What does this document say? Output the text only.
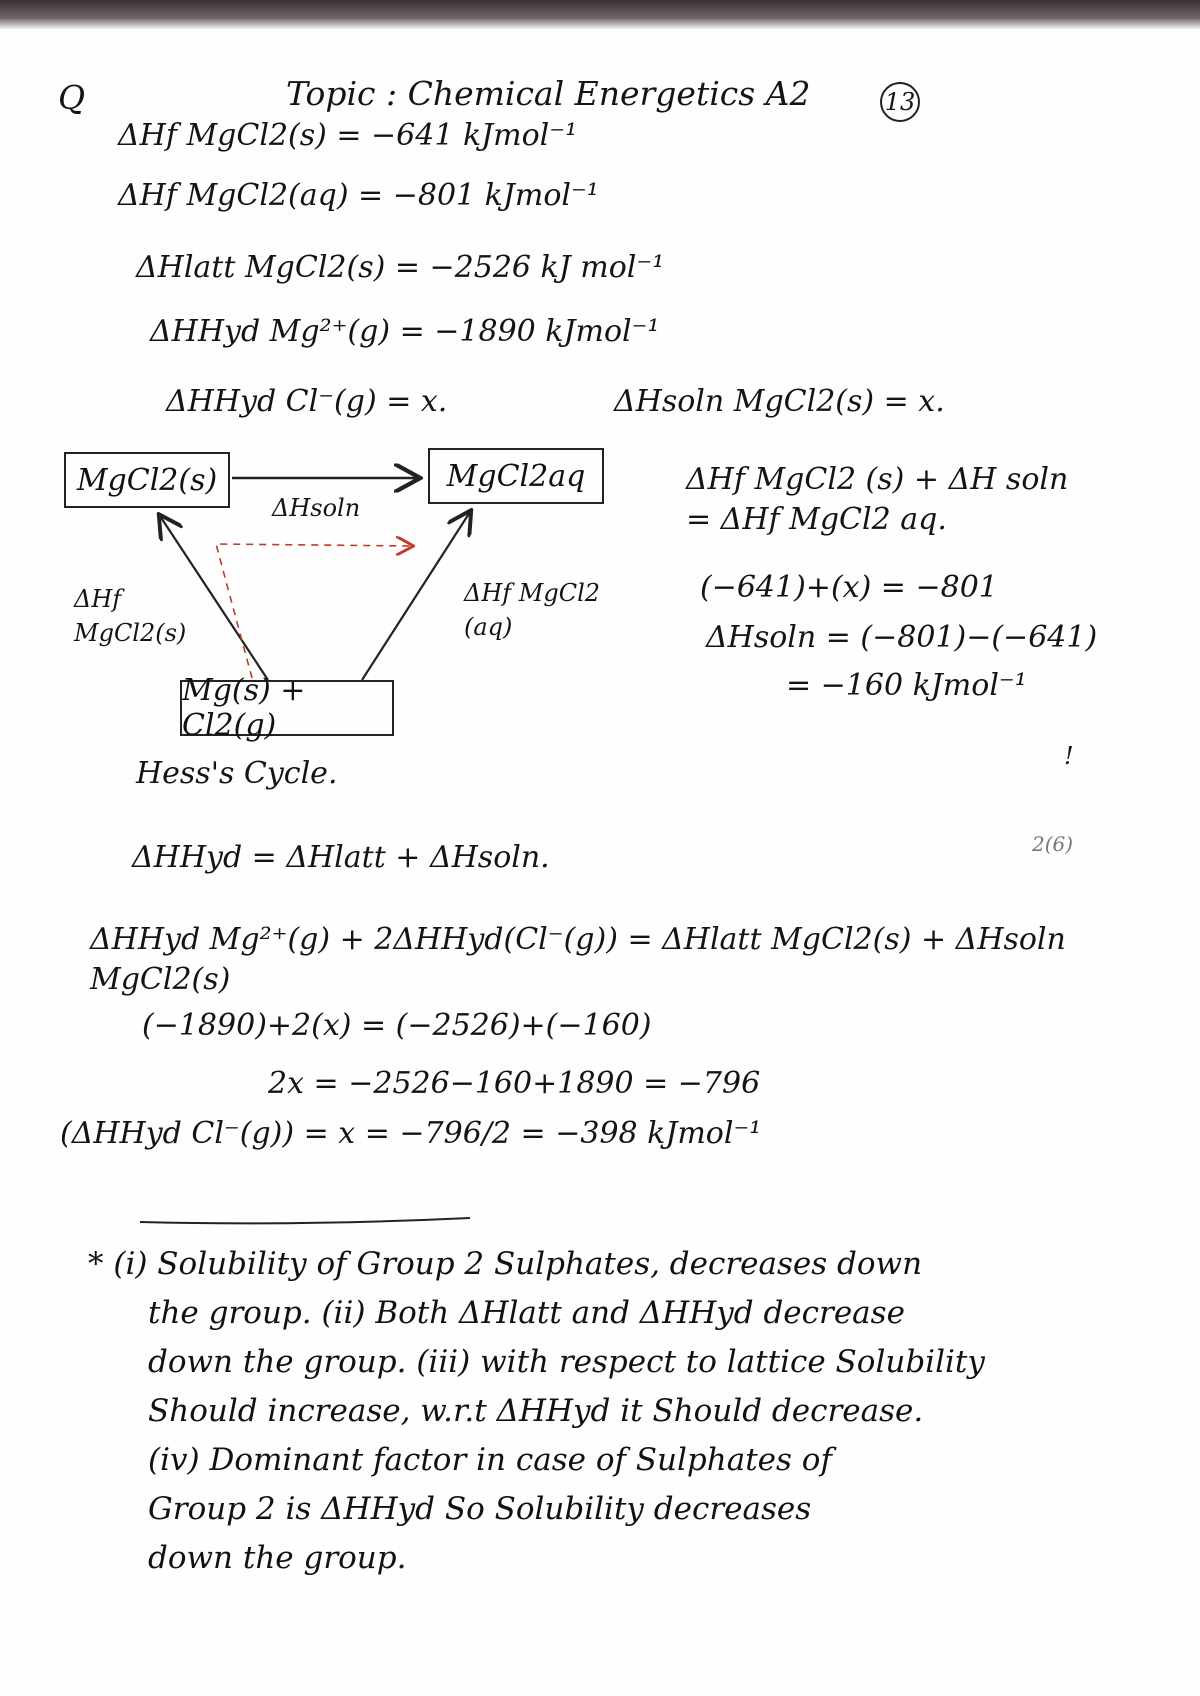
Q	Topic : Chemical Energetics A2	13
ΔHf MgCl2(s) = −641 kJmol⁻¹
ΔHf MgCl2(aq) = −801 kJmol⁻¹
ΔHlatt MgCl2(s) = −2526 kJ mol⁻¹
ΔHHyd Mg²⁺(g) = −1890 kJmol⁻¹
ΔHHyd Cl⁻(g) = x.	ΔHsoln MgCl2(s) = x.
MgCl2(s)	MgCl2aq
Mg(s) + Cl2(g)
ΔHsoln
ΔHf MgCl2(s)
ΔHf MgCl2 (aq)
Hess's Cycle.
ΔHf MgCl2 (s) + ΔH soln = ΔHf MgCl2 aq.
(−641)+(x) = −801
ΔHsoln = (−801)−(−641)
= −160 kJmol⁻¹
!
2(6)
ΔHHyd = ΔHlatt + ΔHsoln.
ΔHHyd Mg²⁺(g) + 2ΔHHyd(Cl⁻(g)) = ΔHlatt MgCl2(s) + ΔHsoln MgCl2(s)
(−1890)+2(x) = (−2526)+(−160)
2x = −2526−160+1890 = −796
(ΔHHyd Cl⁻(g)) = x = −796/2 = −398 kJmol⁻¹
* (i) Solubility of Group 2 Sulphates, decreases down
the group. (ii) Both ΔHlatt and ΔHHyd decrease
down the group. (iii) with respect to lattice Solubility
Should increase, w.r.t ΔHHyd it Should decrease.
(iv) Dominant factor in case of Sulphates of
Group 2 is ΔHHyd So Solubility decreases
down the group.
